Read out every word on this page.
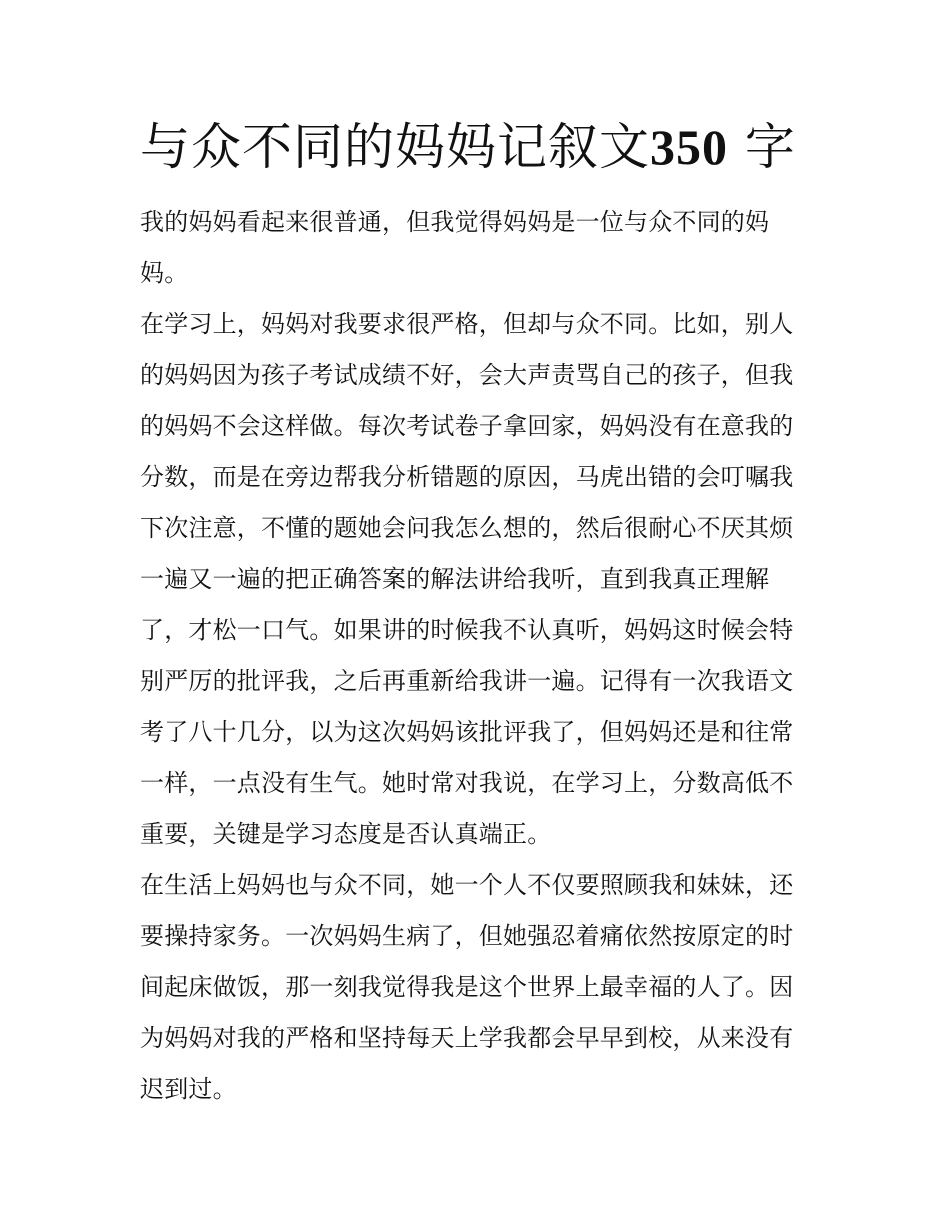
与众不同的妈妈记叙文350 字
我的妈妈看起来很普通，但我觉得妈妈是一位与众不同的妈
妈。
在学习上，妈妈对我要求很严格，但却与众不同。比如，别人
的妈妈因为孩子考试成绩不好，会大声责骂自己的孩子，但我
的妈妈不会这样做。每次考试卷子拿回家，妈妈没有在意我的
分数，而是在旁边帮我分析错题的原因，马虎出错的会叮嘱我
下次注意，不懂的题她会问我怎么想的，然后很耐心不厌其烦
一遍又一遍的把正确答案的解法讲给我听，直到我真正理解
了，才松一口气。如果讲的时候我不认真听，妈妈这时候会特
别严厉的批评我，之后再重新给我讲一遍。记得有一次我语文
考了八十几分，以为这次妈妈该批评我了，但妈妈还是和往常
一样，一点没有生气。她时常对我说，在学习上，分数高低不
重要，关键是学习态度是否认真端正。
在生活上妈妈也与众不同，她一个人不仅要照顾我和妹妹，还
要操持家务。一次妈妈生病了，但她强忍着痛依然按原定的时
间起床做饭，那一刻我觉得我是这个世界上最幸福的人了。因
为妈妈对我的严格和坚持每天上学我都会早早到校，从来没有
迟到过。
